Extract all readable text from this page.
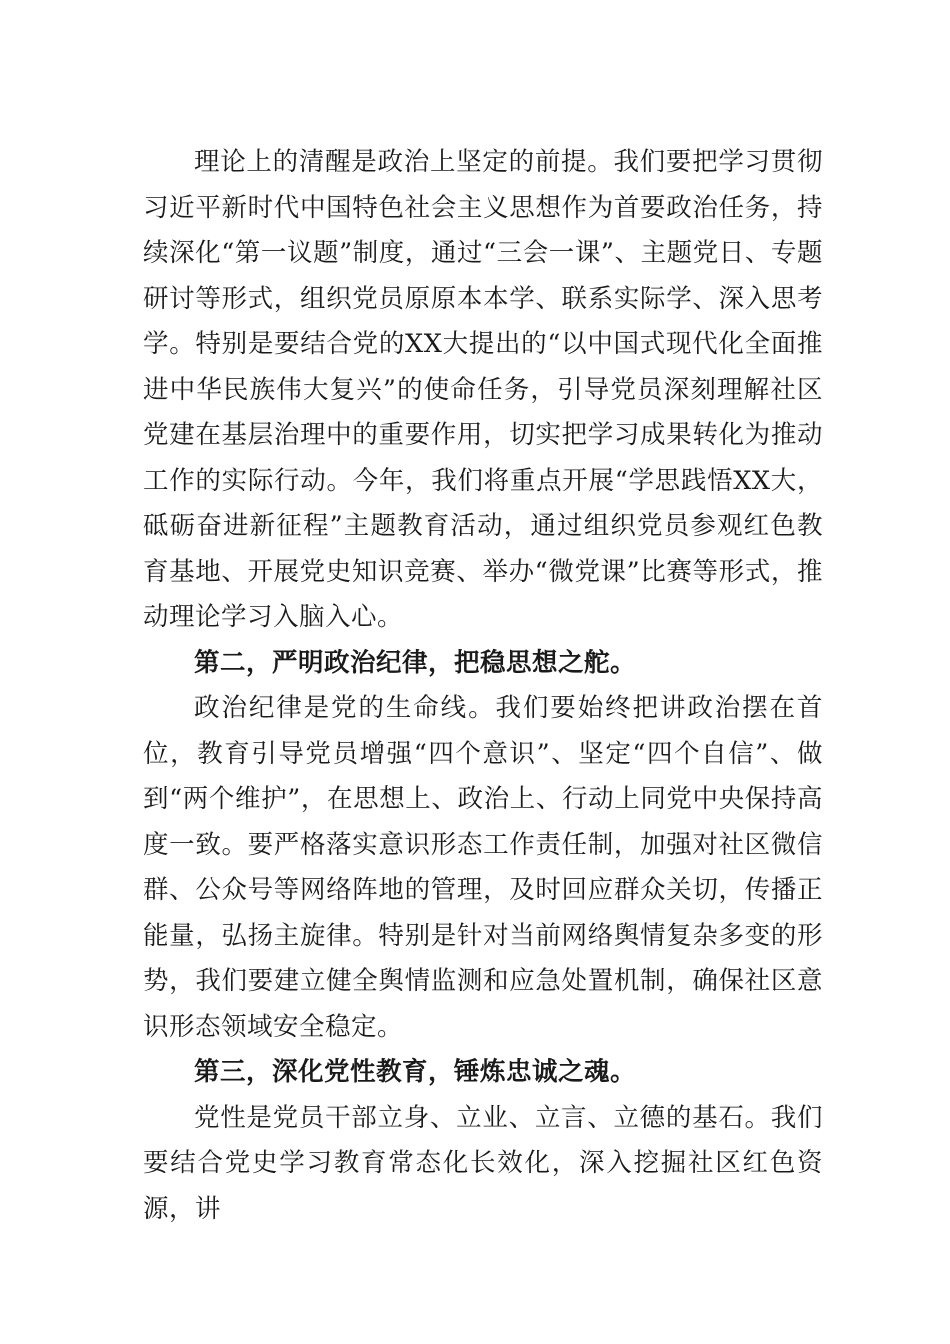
理论上的清醒是政治上坚定的前提。我们要把学习贯彻习近平新时代中国特色社会主义思想作为首要政治任务，持续深化“第一议题”制度，通过“三会一课”、主题党日、专题研讨等形式，组织党员原原本本学、联系实际学、深入思考学。特别是要结合党的XX大提出的“以中国式现代化全面推进中华民族伟大复兴”的使命任务，引导党员深刻理解社区党建在基层治理中的重要作用，切实把学习成果转化为推动工作的实际行动。今年，我们将重点开展“学思践悟XX大，砥砺奋进新征程”主题教育活动，通过组织党员参观红色教育基地、开展党史知识竞赛、举办“微党课”比赛等形式，推动理论学习入脑入心。

第二，严明政治纪律，把稳思想之舵。

政治纪律是党的生命线。我们要始终把讲政治摆在首位，教育引导党员增强“四个意识”、坚定“四个自信”、做到“两个维护”，在思想上、政治上、行动上同党中央保持高度一致。要严格落实意识形态工作责任制，加强对社区微信群、公众号等网络阵地的管理，及时回应群众关切，传播正能量，弘扬主旋律。特别是针对当前网络舆情复杂多变的形势，我们要建立健全舆情监测和应急处置机制，确保社区意识形态领域安全稳定。

第三，深化党性教育，锤炼忠诚之魂。

党性是党员干部立身、立业、立言、立德的基石。我们要结合党史学习教育常态化长效化，深入挖掘社区红色资源，讲
